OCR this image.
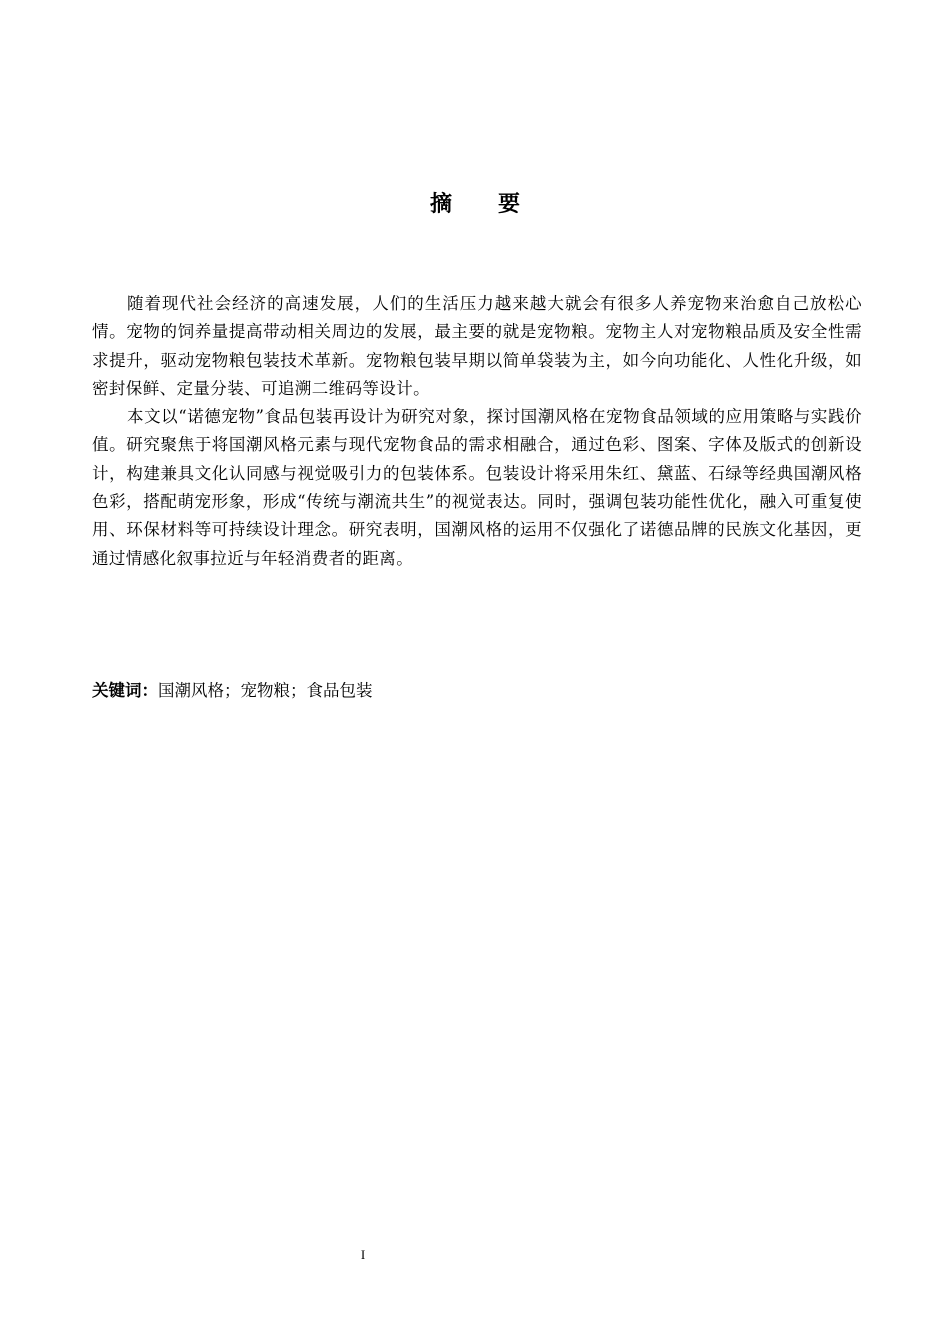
摘要

随着现代社会经济的高速发展，人们的生活压力越来越大就会有很多人养宠物来治愈自己放松心情。宠物的饲养量提高带动相关周边的发展，最主要的就是宠物粮。宠物主人对宠物粮品质及安全性需求提升，驱动宠物粮包装技术革新。宠物粮包装早期以简单袋装为主，如今向功能化、人性化升级，如密封保鲜、定量分装、可追溯二维码等设计。

本文以“诺德宠物”食品包装再设计为研究对象，探讨国潮风格在宠物食品领域的应用策略与实践价值。研究聚焦于将国潮风格元素与现代宠物食品的需求相融合，通过色彩、图案、字体及版式的创新设计，构建兼具文化认同感与视觉吸引力的包装体系。包装设计将采用朱红、黛蓝、石绿等经典国潮风格色彩，搭配萌宠形象，形成“传统与潮流共生”的视觉表达。同时，强调包装功能性优化，融入可重复使用、环保材料等可持续设计理念。研究表明，国潮风格的运用不仅强化了诺德品牌的民族文化基因，更通过情感化叙事拉近与年轻消费者的距离。

关键词：国潮风格；宠物粮；食品包装
I
